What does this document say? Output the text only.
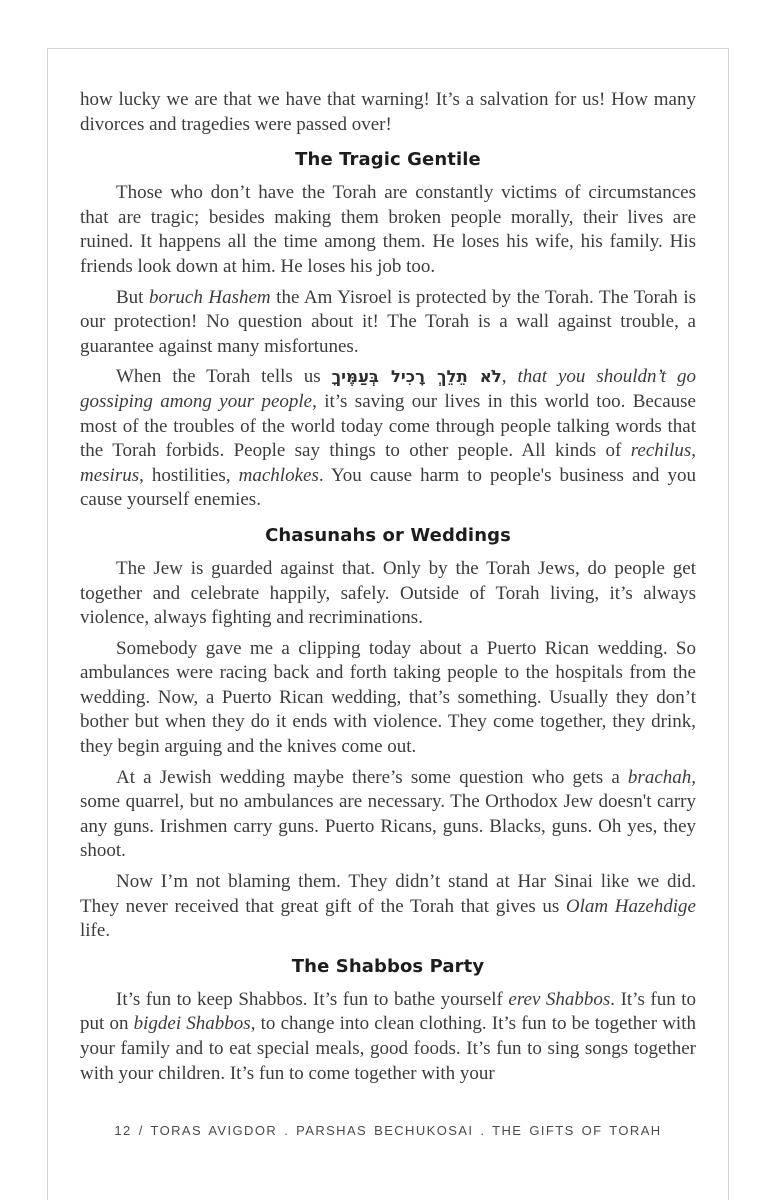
how lucky we are that we have that warning! It’s a salvation for us! How many divorces and tragedies were passed over!

The Tragic Gentile

Those who don’t have the Torah are constantly victims of circumstances that are tragic; besides making them broken people morally, their lives are ruined. It happens all the time among them. He loses his wife, his family. His friends look down at him. He loses his job too.

But boruch Hashem the Am Yisroel is protected by the Torah. The Torah is our protection! No question about it! The Torah is a wall against trouble, a guarantee against many misfortunes.

When the Torah tells us לֹא תֵלֵךְ רָכִיל בְּעַמֶּיךָ, that you shouldn’t go gossiping among your people, it’s saving our lives in this world too. Because most of the troubles of the world today come through people talking words that the Torah forbids. People say things to other people. All kinds of rechilus, mesirus, hostilities, machlokes. You cause harm to people's business and you cause yourself enemies.

Chasunahs or Weddings

The Jew is guarded against that. Only by the Torah Jews, do people get together and celebrate happily, safely. Outside of Torah living, it’s always violence, always fighting and recriminations.

Somebody gave me a clipping today about a Puerto Rican wedding. So ambulances were racing back and forth taking people to the hospitals from the wedding. Now, a Puerto Rican wedding, that’s something. Usually they don’t bother but when they do it ends with violence. They come together, they drink, they begin arguing and the knives come out.

At a Jewish wedding maybe there’s some question who gets a brachah, some quarrel, but no ambulances are necessary. The Orthodox Jew doesn't carry any guns. Irishmen carry guns. Puerto Ricans, guns. Blacks, guns. Oh yes, they shoot.

Now I’m not blaming them. They didn’t stand at Har Sinai like we did. They never received that great gift of the Torah that gives us Olam Hazehdige life.

The Shabbos Party

It’s fun to keep Shabbos. It’s fun to bathe yourself erev Shabbos. It’s fun to put on bigdei Shabbos, to change into clean clothing. It’s fun to be together with your family and to eat special meals, good foods. It’s fun to sing songs together with your children. It’s fun to come together with your

12 / TORAS AVIGDOR . PARSHAS BECHUKOSAI . THE GIFTS OF TORAH
